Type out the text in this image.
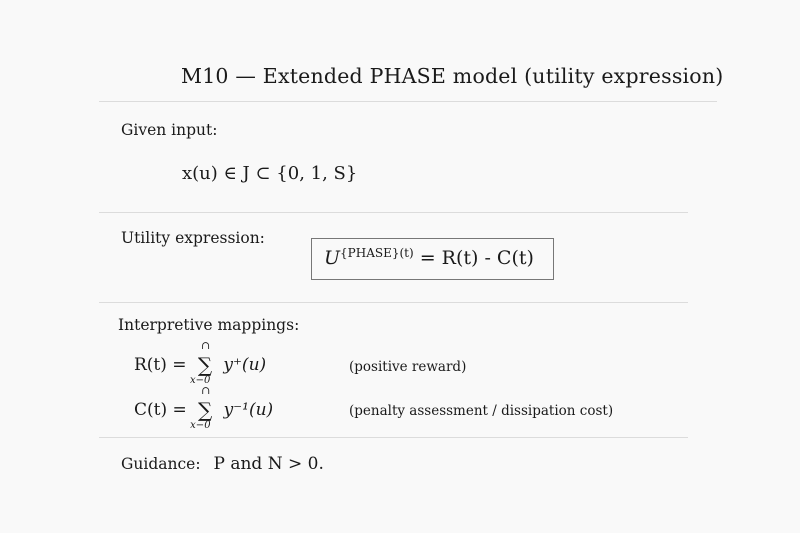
M10 — Extended PHASE model (utility expression)
Given input:
x(u) ∈ J ⊂ {0, 1, S}
Utility expression:
$U^{\{PHASE\}(t)} = R(t) - C(t)$
Interpretive mappings:
R(t) = ∑
∩
x−0
y⁺(u)	(positive reward)
C(t) = ∑
∩
x−0
y⁻¹(u)	(penalty assessment / dissipation cost)
Guidance: P and N > 0.
